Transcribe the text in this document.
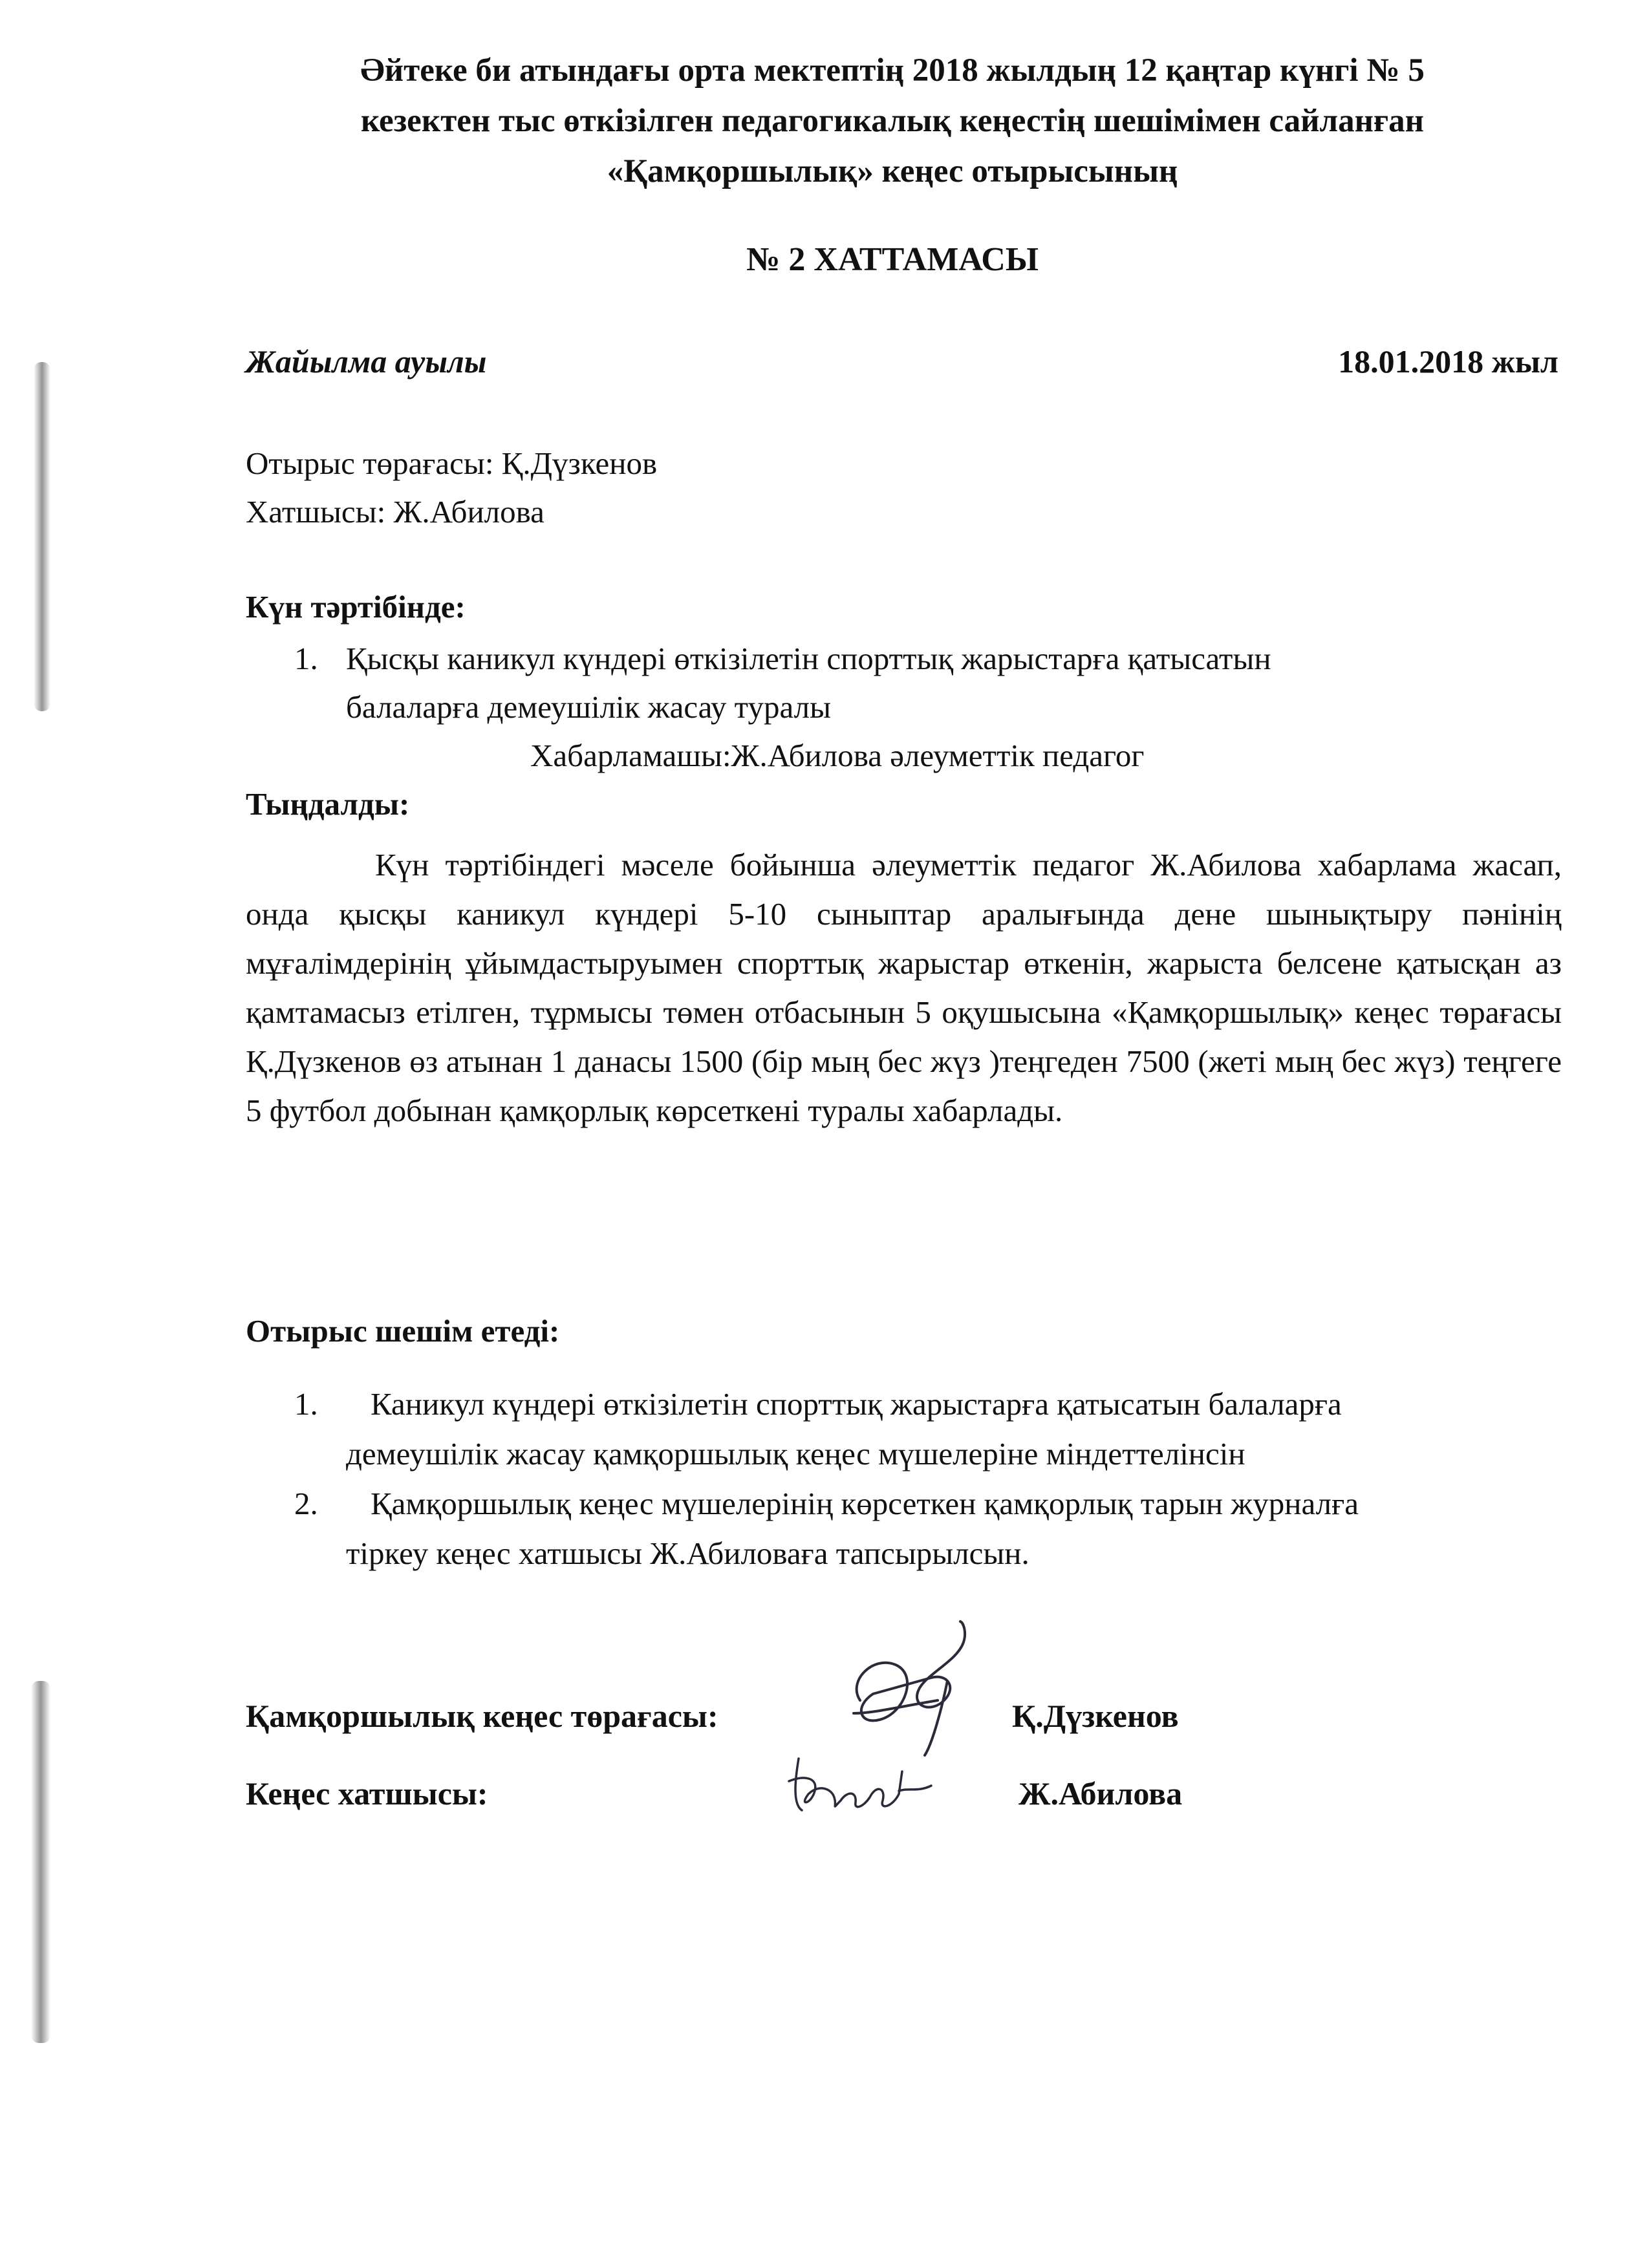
Әйтеке би атындағы орта мектептің 2018 жылдың 12 қаңтар күнгі № 5
кезектен тыс өткізілген педагогикалық кеңестің шешімімен сайланған
«Қамқоршылық» кеңес отырысының
№ 2 ХАТТАМАСЫ
Жайылма ауылы	18.01.2018 жыл
Отырыс төрағасы: Қ.Дүзкенов
Хатшысы: Ж.Абилова
Күн тәртібінде:
1. Қысқы каникул күндері өткізілетін спорттық жарыстарға қатысатын
балаларға демеушілік жасау туралы
Хабарламашы:Ж.Абилова әлеуметтік педагог
Тыңдалды:
Күн тәртібіндегі мәселе бойынша әлеуметтік педагог Ж.Абилова хабарлама жасап, онда қысқы каникул күндері 5-10 сыныптар аралығында дене шынықтыру пәнінің мұғалімдерінің ұйымдастыруымен спорттық жарыстар өткенін, жарыста белсене қатысқан аз қамтамасыз етілген, тұрмысы төмен отбасынын 5 оқушысына «Қамқоршылық» кеңес төрағасы Қ.Дүзкенов өз атынан 1 данасы 1500 (бір мың бес жүз )теңгеден 7500 (жеті мың бес жүз) теңгеге 5 футбол добынан қамқорлық көрсеткені туралы хабарлады.
Отырыс шешім етеді:
1. Каникул күндері өткізілетін спорттық жарыстарға қатысатын балаларға
демеушілік жасау қамқоршылық кеңес мүшелеріне міндеттелінсін
2. Қамқоршылық кеңес мүшелерінің көрсеткен қамқорлық тарын журналға
тіркеу кеңес хатшысы Ж.Абиловаға тапсырылсын.
Қамқоршылық кеңес төрағасы:	Қ.Дүзкенов
Кеңес хатшысы:	Ж.Абилова
